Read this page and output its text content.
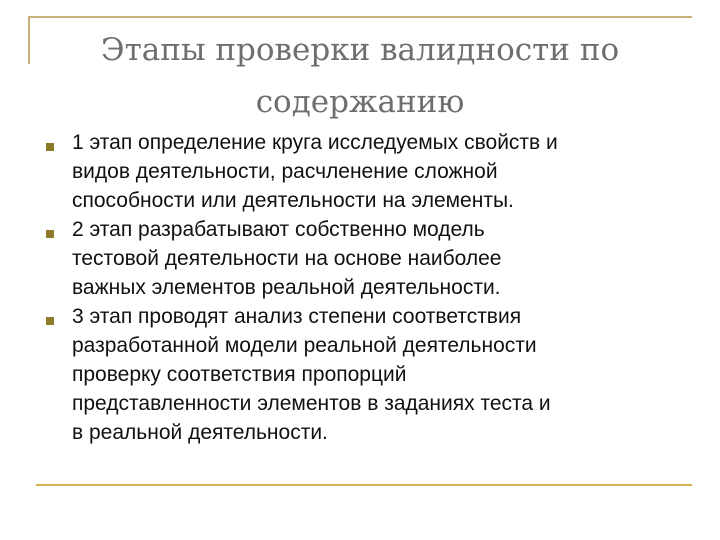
Этапы проверки валидности по
содержанию
1 этап определение круга исследуемых свойств и
видов деятельности, расчленение сложной
способности или деятельности на элементы.
2 этап разрабатывают собственно модель
тестовой деятельности на основе наиболее
важных элементов реальной деятельности.
3 этап проводят анализ степени соответствия
разработанной модели реальной деятельности
проверку соответствия пропорций
представленности элементов в заданиях теста и
в реальной деятельности.
